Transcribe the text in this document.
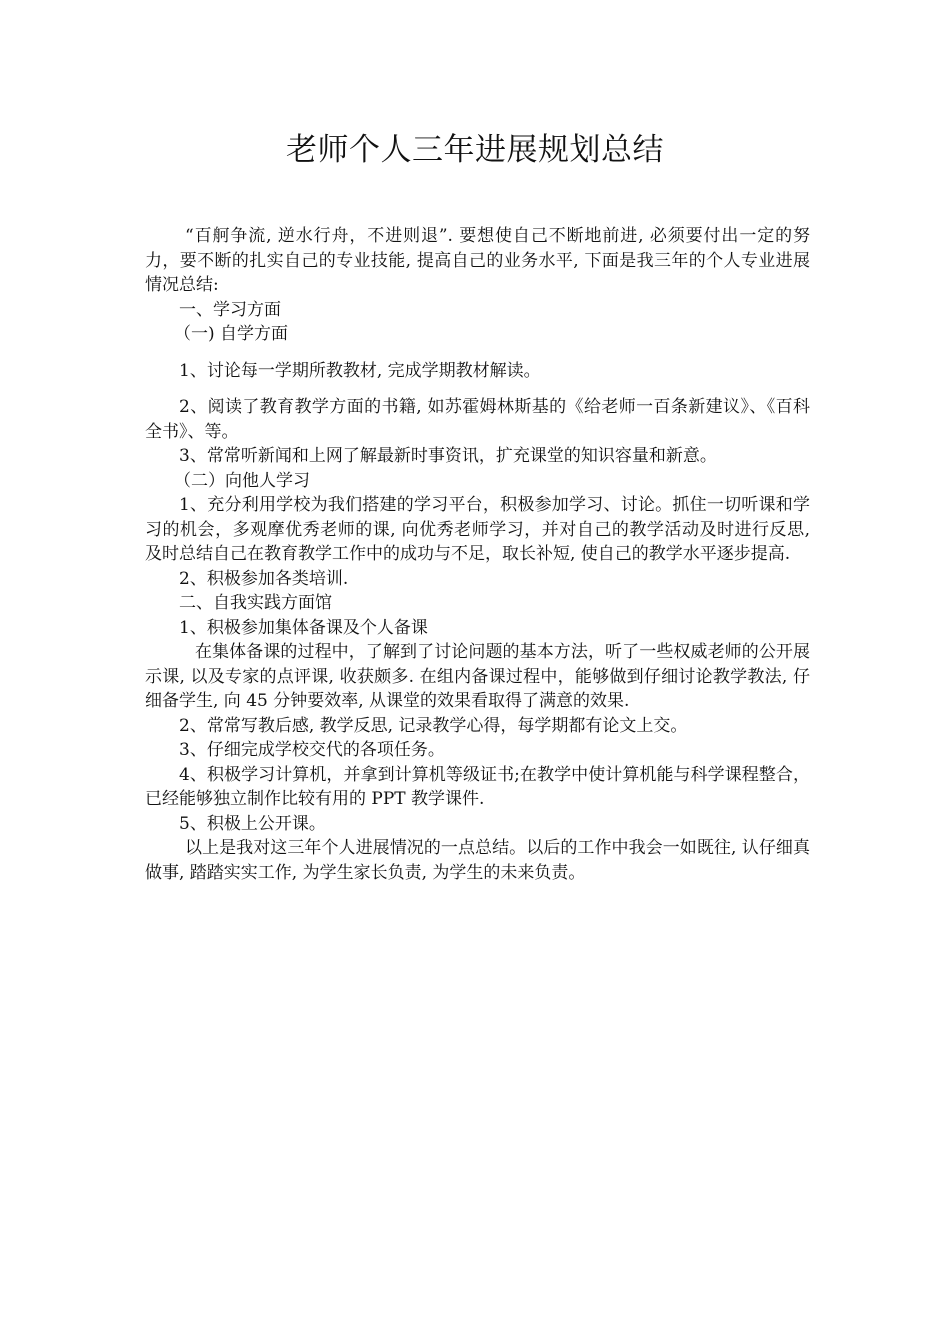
老师个人三年进展规划总结

“百舸争流, 逆水行舟，不进则退”. 要想使自己不断地前进, 必须要付出一定的努力，要不断的扎实自己的专业技能, 提高自己的业务水平, 下面是我三年的个人专业进展情况总结:

一、学习方面

（一) 自学方面

1、讨论每一学期所教教材, 完成学期教材解读。

2、阅读了教育教学方面的书籍, 如苏霍姆林斯基的《给老师一百条新建议》、《百科全书》、等。

3、常常听新闻和上网了解最新时事资讯，扩充课堂的知识容量和新意。

（二）向他人学习

1、充分利用学校为我们搭建的学习平台，积极参加学习、讨论。抓住一切听课和学习的机会，多观摩优秀老师的课, 向优秀老师学习，并对自己的教学活动及时进行反思, 及时总结自己在教育教学工作中的成功与不足，取长补短, 使自己的教学水平逐步提高.

2、积极参加各类培训.

二、自我实践方面馆

1、积极参加集体备课及个人备课

在集体备课的过程中，了解到了讨论问题的基本方法，听了一些权威老师的公开展示课, 以及专家的点评课, 收获颇多. 在组内备课过程中，能够做到仔细讨论教学教法, 仔细备学生, 向 45 分钟要效率, 从课堂的效果看取得了满意的效果.

2、常常写教后感, 教学反思, 记录教学心得，每学期都有论文上交。

3、仔细完成学校交代的各项任务。

4、积极学习计算机，并拿到计算机等级证书;在教学中使计算机能与科学课程整合，已经能够独立制作比较有用的 PPT 教学课件.

5、积极上公开课。

以上是我对这三年个人进展情况的一点总结。以后的工作中我会一如既往, 认仔细真做事, 踏踏实实工作, 为学生家长负责, 为学生的未来负责。
